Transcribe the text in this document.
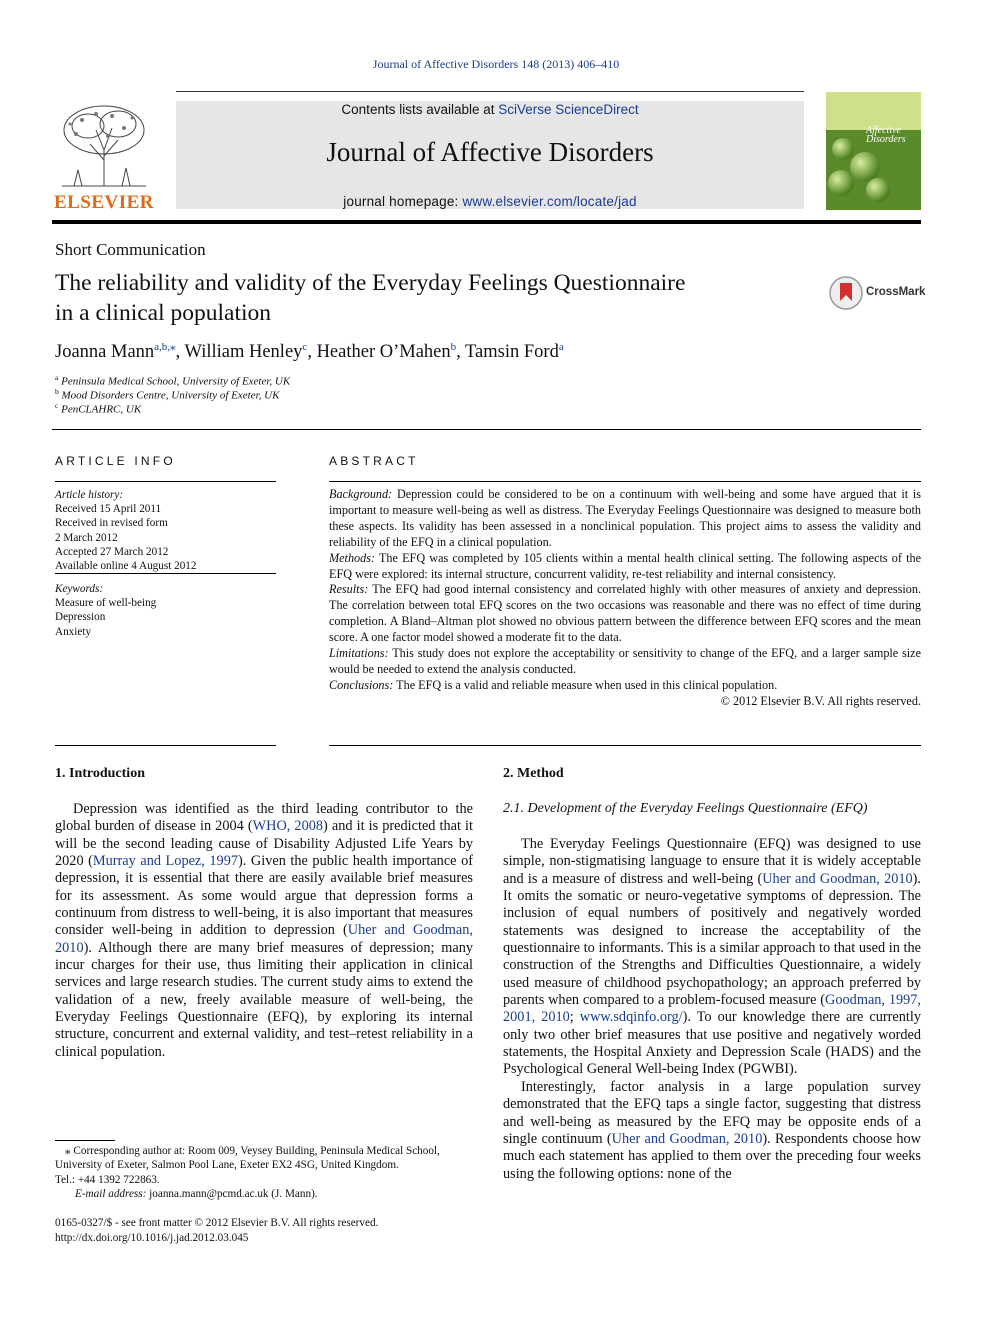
Journal of Affective Disorders 148 (2013) 406–410
ELSEVIER
Contents lists available at SciVerse ScienceDirect
Journal of Affective Disorders
journal homepage: www.elsevier.com/locate/jad
Affective Disorders
Short Communication
The reliability and validity of the Everyday Feelings Questionnaire
in a clinical population
CrossMark
Joanna Mann$^{a,b,⁎}$, William Henley$^c$, Heather O’Mahen$^b$, Tamsin Ford$^a$
$^a$ Peninsula Medical School, University of Exeter, UK
$^b$ Mood Disorders Centre, University of Exeter, UK
$^c$ PenCLAHRC, UK
ARTICLE INFO
Article history:
Received 15 April 2011
Received in revised form
2 March 2012
Accepted 27 March 2012
Available online 4 August 2012
Keywords:
Measure of well-being
Depression
Anxiety
ABSTRACT

Background: Depression could be considered to be on a continuum with well-being and some have argued that it is important to measure well-being as well as distress. The Everyday Feelings Questionnaire was designed to measure both these aspects. Its validity has been assessed in a nonclinical population. This project aims to assess the validity and reliability of the EFQ in a clinical population.

Methods: The EFQ was completed by 105 clients within a mental health clinical setting. The following aspects of the EFQ were explored: its internal structure, concurrent validity, re-test reliability and internal consistency.

Results: The EFQ had good internal consistency and correlated highly with other measures of anxiety and depression. The correlation between total EFQ scores on the two occasions was reasonable and there was no effect of time during completion. A Bland–Altman plot showed no obvious pattern between the difference between EFQ scores and the mean score. A one factor model showed a moderate fit to the data.

Limitations: This study does not explore the acceptability or sensitivity to change of the EFQ, and a larger sample size would be needed to extend the analysis conducted.

Conclusions: The EFQ is a valid and reliable measure when used in this clinical population.

© 2012 Elsevier B.V. All rights reserved.

1. Introduction

Depression was identified as the third leading contributor to the global burden of disease in 2004 (WHO, 2008) and it is predicted that it will be the second leading cause of Disability Adjusted Life Years by 2020 (Murray and Lopez, 1997). Given the public health importance of depression, it is essential that there are easily available brief measures for its assessment. As some would argue that depression forms a continuum from distress to well-being, it is also important that measures consider well-being in addition to depression (Uher and Goodman, 2010). Although there are many brief measures of depression; many incur charges for their use, thus limiting their application in clinical services and large research studies. The current study aims to extend the validation of a new, freely available measure of well-being, the Everyday Feelings Questionnaire (EFQ), by exploring its internal structure, concurrent and external validity, and test–retest reliability in a clinical population.

2. Method
2.1. Development of the Everyday Feelings Questionnaire (EFQ)

The Everyday Feelings Questionnaire (EFQ) was designed to use simple, non-stigmatising language to ensure that it is widely acceptable and is a measure of distress and well-being (Uher and Goodman, 2010). It omits the somatic or neuro-vegetative symptoms of depression. The inclusion of equal numbers of positively and negatively worded statements was designed to increase the acceptability of the questionnaire to informants. This is a similar approach to that used in the construction of the Strengths and Difficulties Questionnaire, a widely used measure of childhood psychopathology; an approach preferred by parents when compared to a problem-focused measure (Goodman, 1997, 2001, 2010; www.sdqinfo.org/). To our knowledge there are currently only two other brief measures that use positive and negatively worded statements, the Hospital Anxiety and Depression Scale (HADS) and the Psychological General Well-being Index (PGWBI).

Interestingly, factor analysis in a large population survey demonstrated that the EFQ taps a single factor, suggesting that distress and well-being as measured by the EFQ may be opposite ends of a single continuum (Uher and Goodman, 2010). Respondents choose how much each statement has applied to them over the preceding four weeks using the following options: none of the

⁎ Corresponding author at: Room 009, Veysey Building, Peninsula Medical School, University of Exeter, Salmon Pool Lane, Exeter EX2 4SG, United Kingdom.

Tel.: +44 1392 722863.

E-mail address: joanna.mann@pcmd.ac.uk (J. Mann).

0165-0327/$ - see front matter © 2012 Elsevier B.V. All rights reserved.
http://dx.doi.org/10.1016/j.jad.2012.03.045
